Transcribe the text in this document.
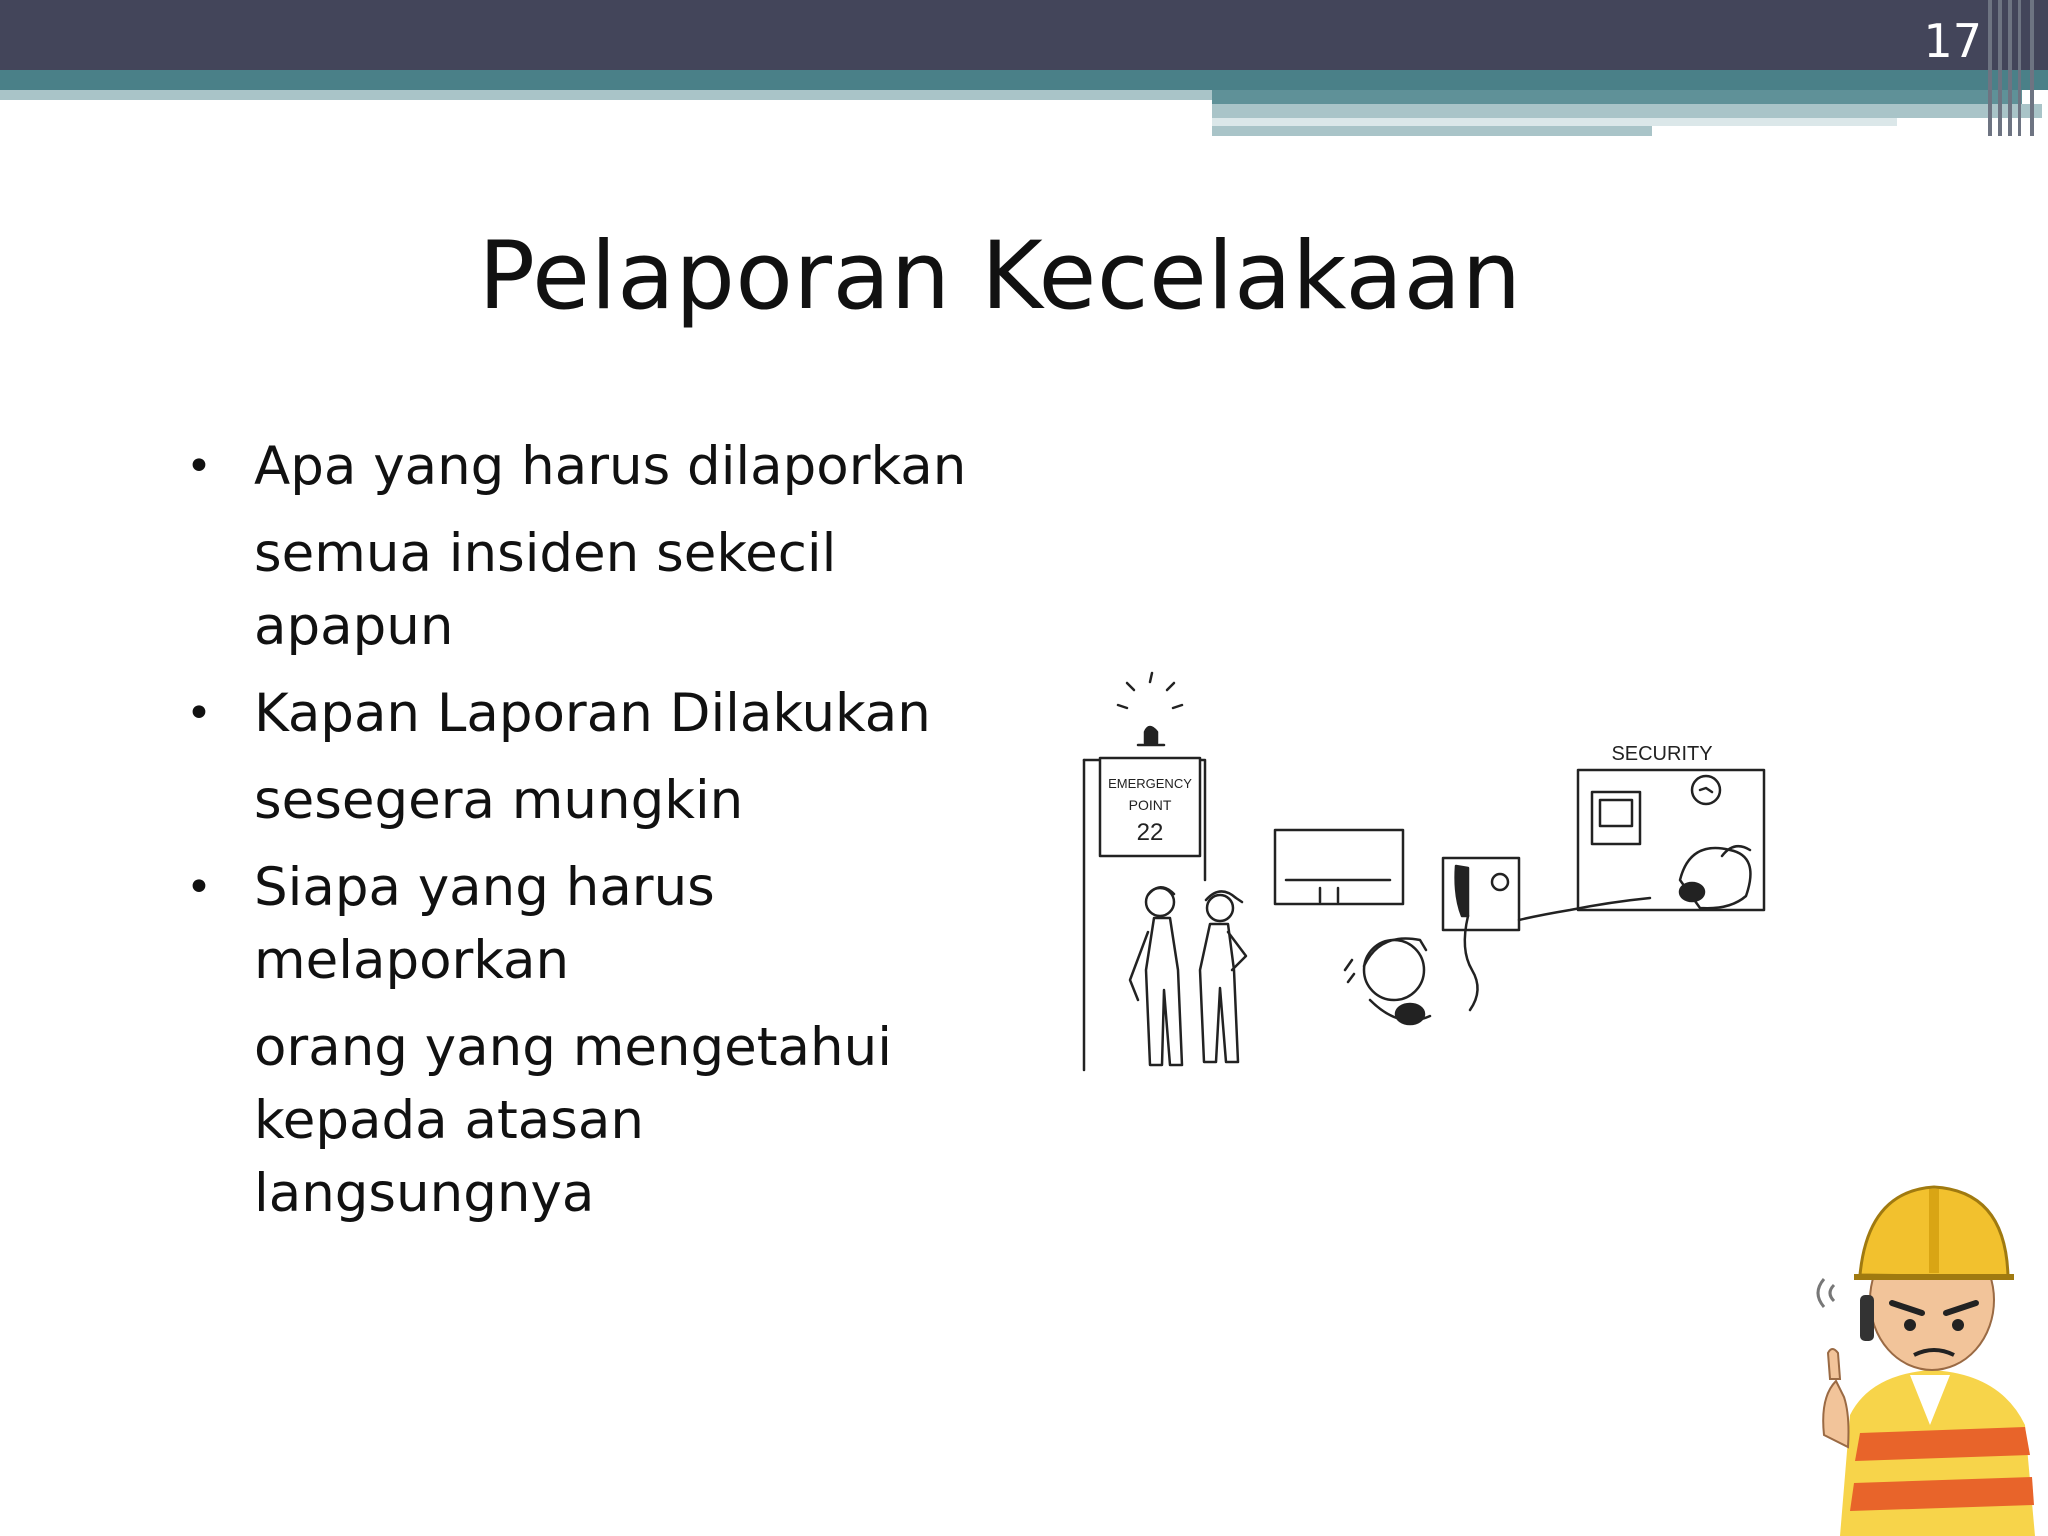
17
Pelaporan Kecelakaan
• Apa yang harus dilaporkan
semua insiden sekecil apapun
• Kapan Laporan Dilakukan
sesegera mungkin
• Siapa yang harus melaporkan
orang yang mengetahui kepada atasan langsungnya
EMERGENCY
POINT
22
SECURITY
